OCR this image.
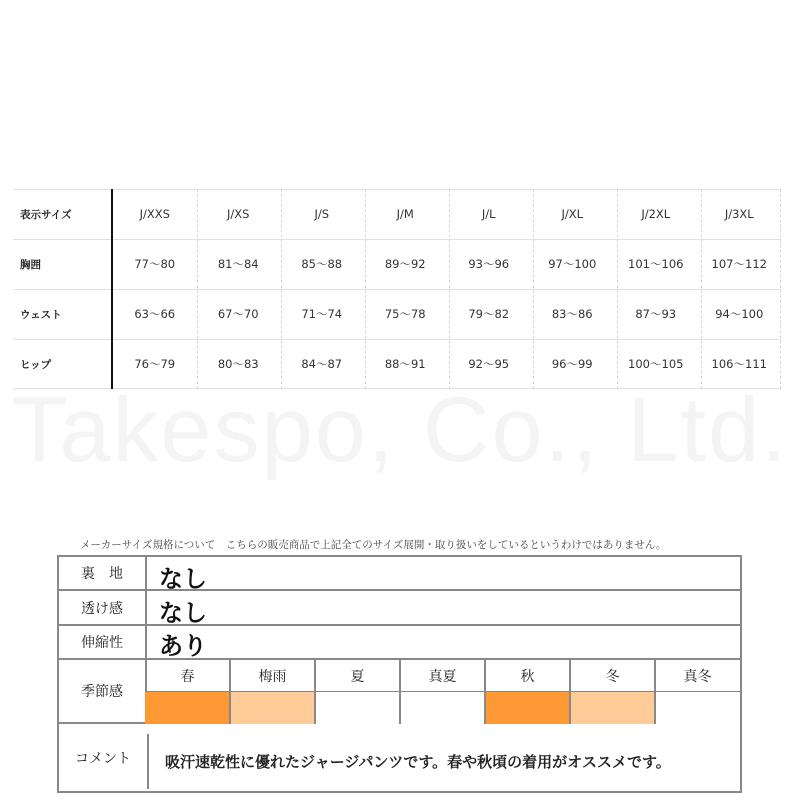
表示サイズ	J/XXS	J/XS	J/S	J/M	J/L	J/XL	J/2XL	J/3XL
胸囲	77〜80	81〜84	85〜88	89〜92	93〜96	97〜100	101〜106	107〜112
ウェスト	63〜66	67〜70	71〜74	75〜78	79〜82	83〜86	87〜93	94〜100
ヒップ	76〜79	80〜83	84〜87	88〜91	92〜95	96〜99	100〜105	106〜111
Takespo, Co., Ltd.
メーカーサイズ規格について　こちらの販売商品で上記全てのサイズ展開・取り扱いをしているというわけではありません。
裏地 なし
透け感	なし
伸縮性	あり
季節感
春	梅雨	夏	真夏	秋	冬	真冬
コメント	吸汗速乾性に優れたジャージパンツです。春や秋頃の着用がオススメです。
